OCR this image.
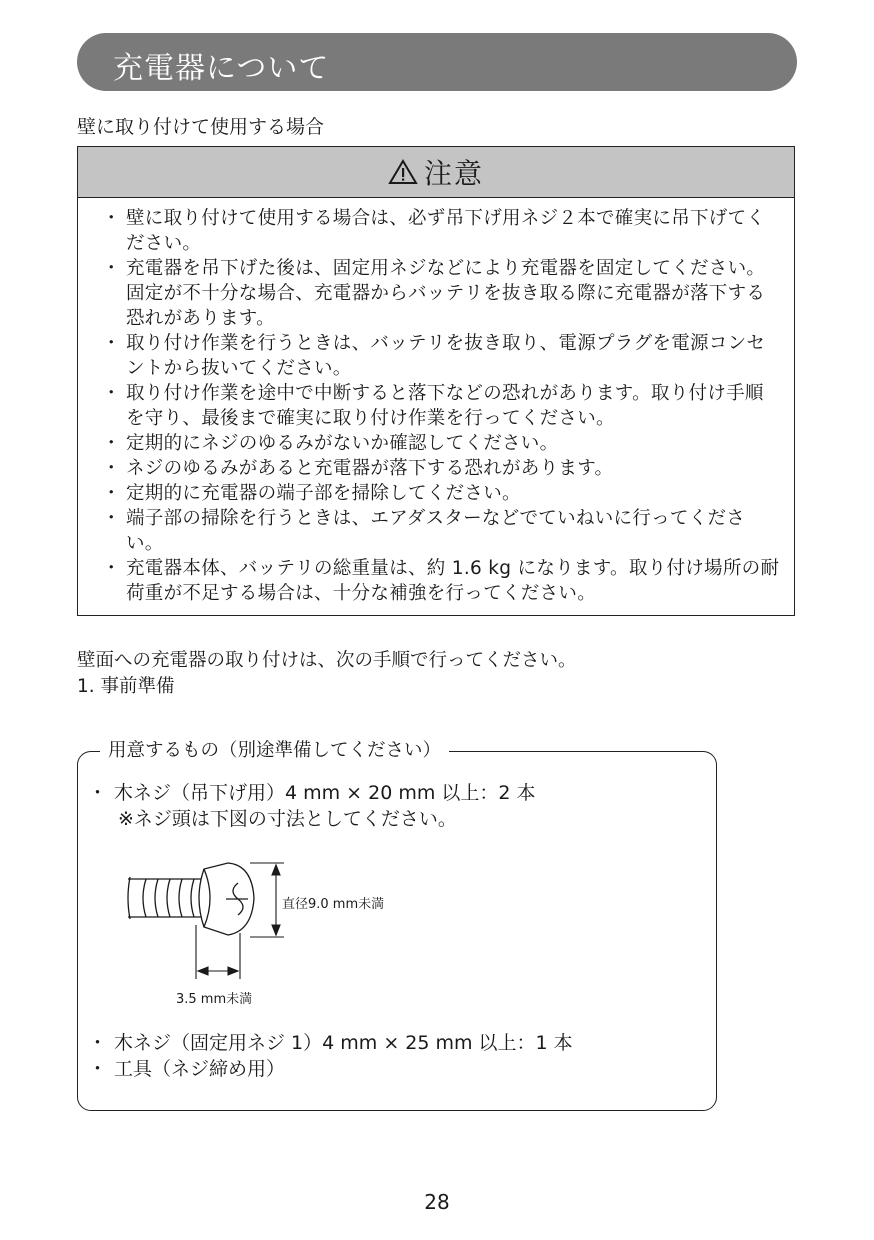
充電器について
壁に取り付けて使用する場合
注意
・ 壁に取り付けて使用する場合は、必ず吊下げ用ネジ２本で確実に吊下げてください。
・ 充電器を吊下げた後は、固定用ネジなどにより充電器を固定してください。固定が不十分な場合、充電器からバッテリを抜き取る際に充電器が落下する恐れがあります。
・ 取り付け作業を行うときは、バッテリを抜き取り、電源プラグを電源コンセントから抜いてください。
・ 取り付け作業を途中で中断すると落下などの恐れがあります。取り付け手順を守り、最後まで確実に取り付け作業を行ってください。
・ 定期的にネジのゆるみがないか確認してください。
・ ネジのゆるみがあると充電器が落下する恐れがあります。
・ 定期的に充電器の端子部を掃除してください。
・ 端子部の掃除を行うときは、エアダスターなどでていねいに行ってください。
・ 充電器本体、バッテリの総重量は、約 1.6 kg になります。取り付け場所の耐荷重が不足する場合は、十分な補強を行ってください。
壁面への充電器の取り付けは、次の手順で行ってください。
1. 事前準備
用意するもの（別途準備してください）
・ 木ネジ（吊下げ用）4 mm × 20 mm 以上：2 本
※ネジ頭は下図の寸法としてください。
・ 木ネジ（固定用ネジ 1）4 mm × 25 mm 以上：1 本
・ 工具（ネジ締め用）
直径9.0 mm未満
3.5 mm未満
28
